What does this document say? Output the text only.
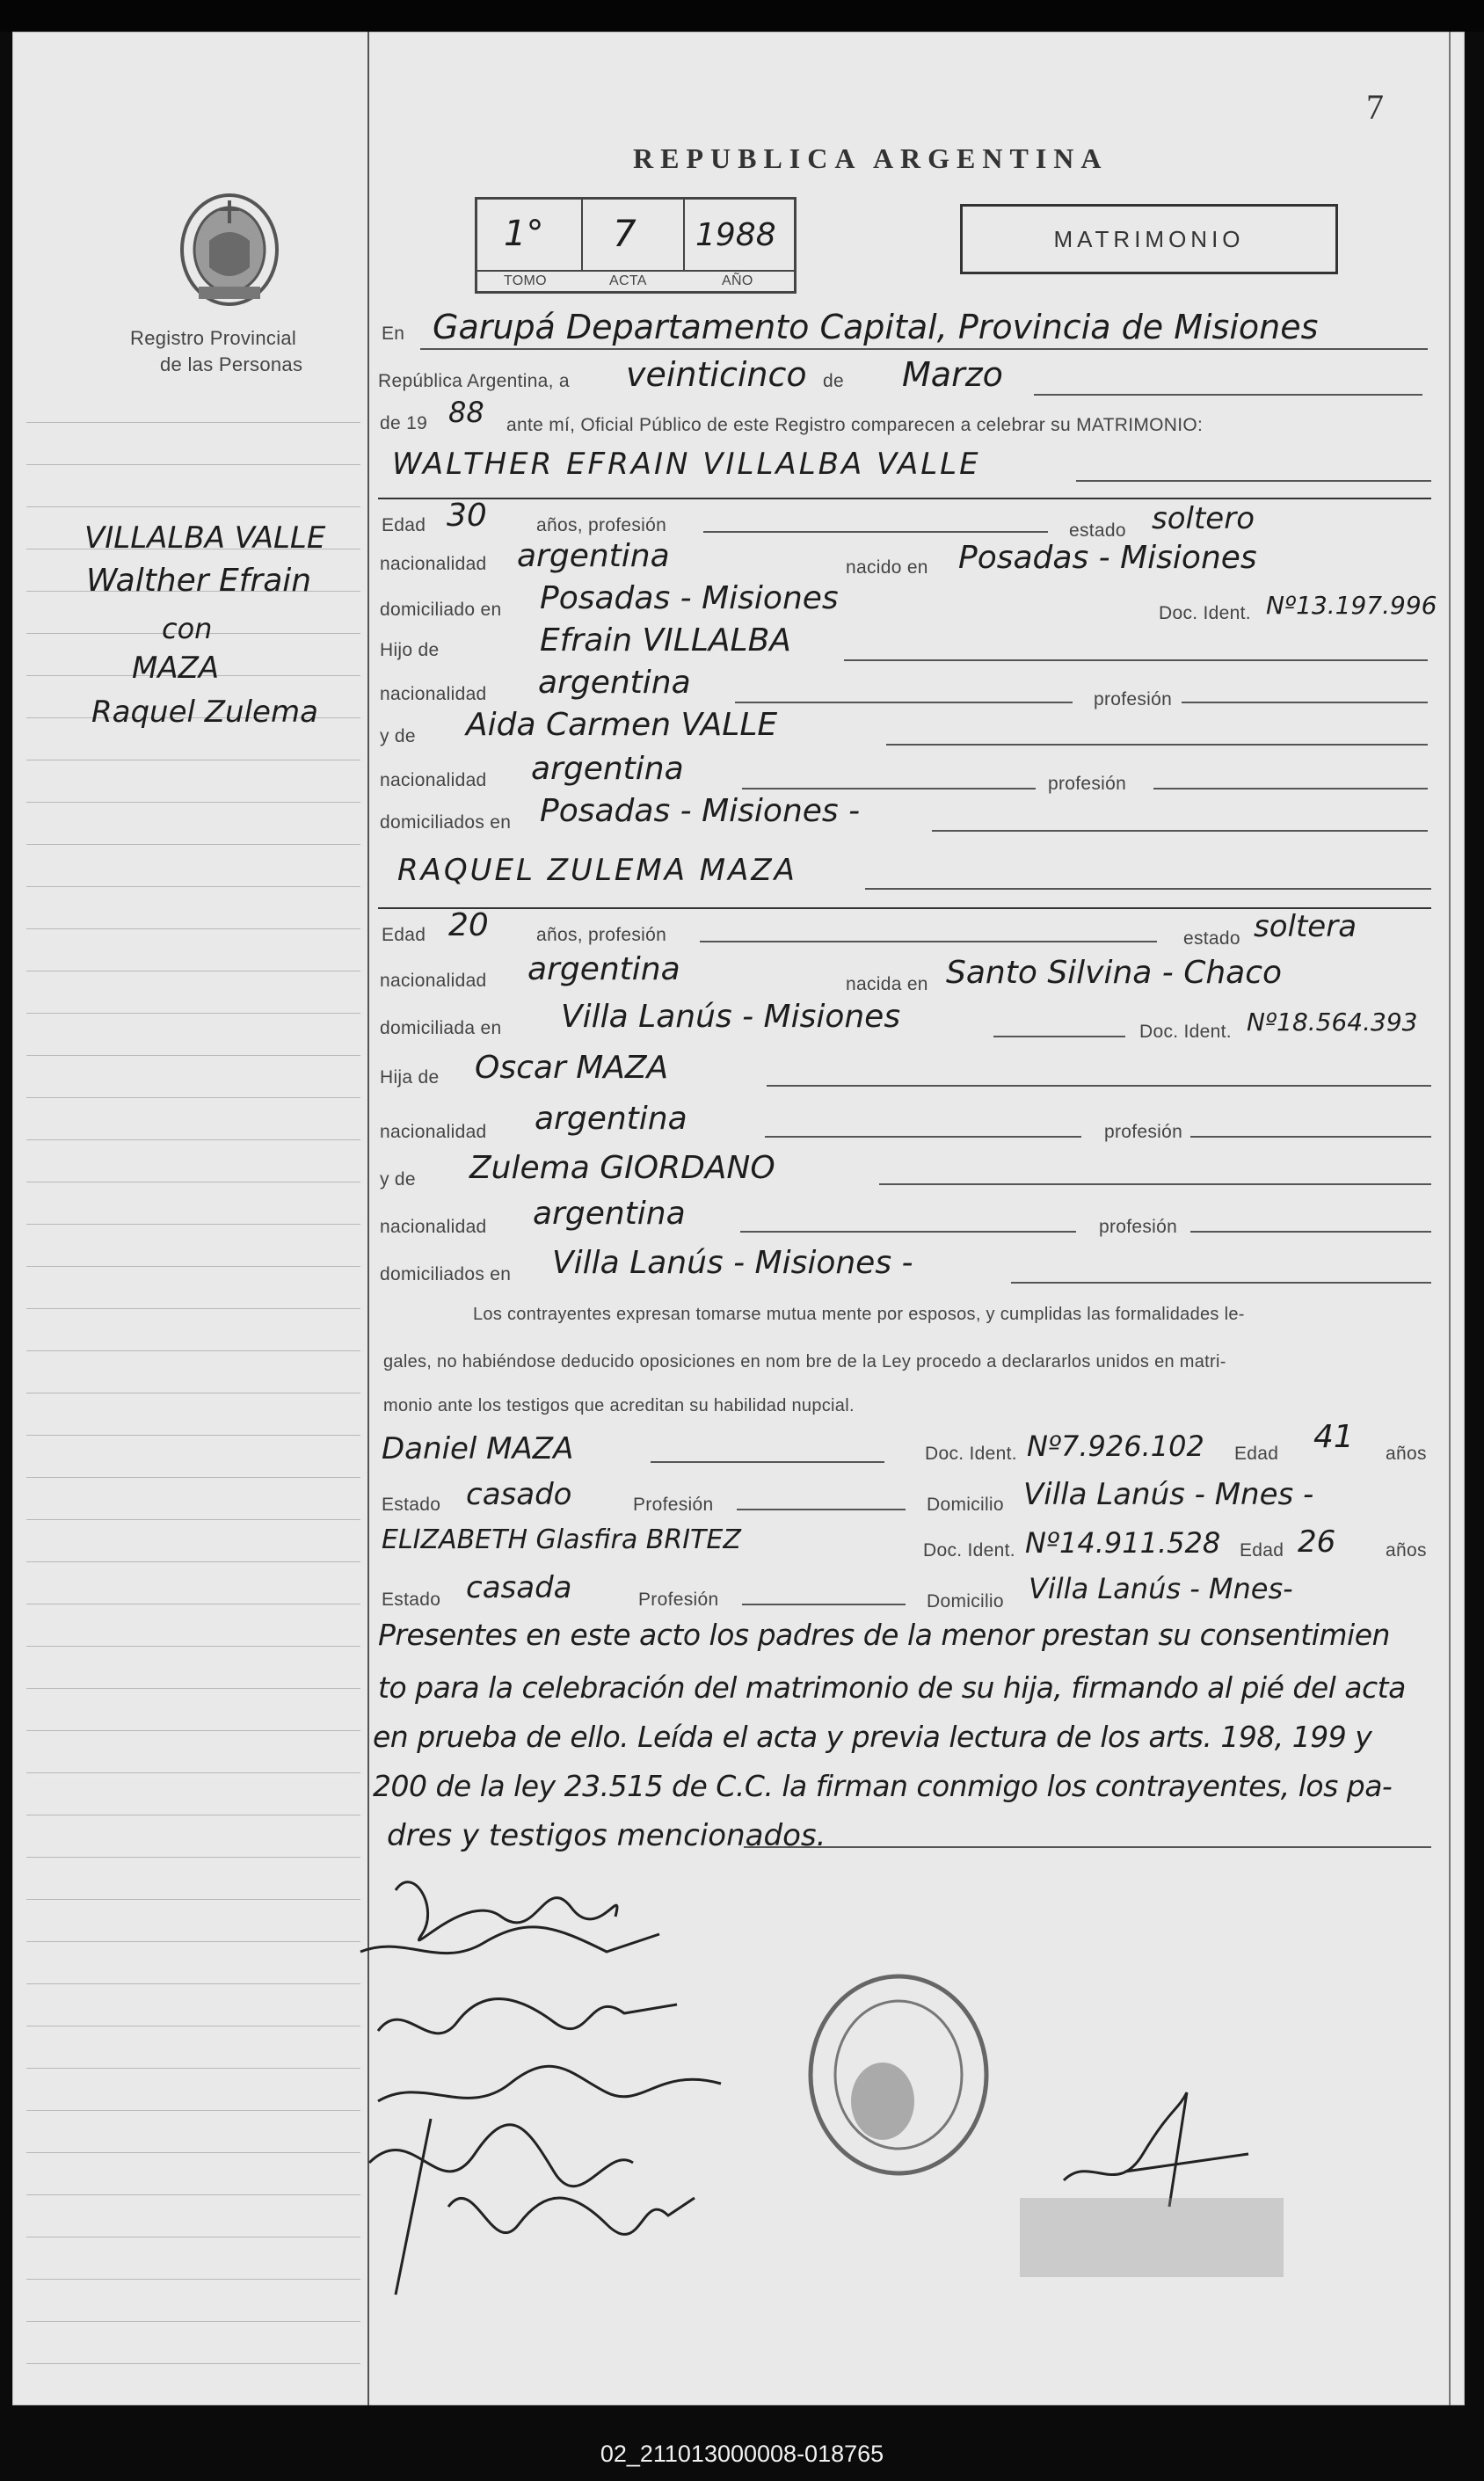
7
REPUBLICA ARGENTINA
1° 7 1988
TOMO	ACTA	AÑO
MATRIMONIO
Registro Provincial
de las Personas
VILLALBA VALLE
Walther Efrain
con
MAZA
Raquel Zulema
En Garupá Departamento Capital, Provincia de Misiones
República Argentina, a veinticinco de Marzo
de 19 88 ante mí, Oficial Público de este Registro comparecen a celebrar su MATRIMONIO:
WALTHER EFRAIN VILLALBA VALLE
Edad 30	años, profesión	estado soltero
nacionalidad argentina	nacido en Posadas - Misiones
domiciliado en Posadas - Misiones	Doc. Ident. Nº13.197.996
Hijo de	Efrain VILLALBA
nacionalidad argentina	profesión
y de Aida Carmen VALLE
nacionalidad argentina	profesión
domiciliados en Posadas - Misiones -
RAQUEL ZULEMA MAZA
Edad 20	años, profesión	estado soltera
nacionalidad argentina	nacida en Santo Silvina - Chaco
domiciliada en Villa Lanús - Misiones	Doc. Ident. Nº18.564.393
Hija de Oscar MAZA
nacionalidad argentina	profesión
y de Zulema GIORDANO
nacionalidad argentina	profesión
domiciliados en Villa Lanús - Misiones -
Los contrayentes expresan tomarse mutua mente por esposos, y cumplidas las formalidades le-
gales, no habiéndose deducido oposiciones en nom bre de la Ley procedo a declararlos unidos en matri-
monio ante los testigos que acreditan su habilidad nupcial.
Daniel MAZA	Doc. Ident. Nº7.926.102 Edad 41 años
Estado casado	Profesión	Domicilio Villa Lanús - Mnes -
ELIZABETH Glasfira BRITEZ	Doc. Ident. Nº14.911.528 Edad 26	años
Estado casada	Profesión	Domicilio Villa Lanús - Mnes-
Presentes en este acto los padres de la menor prestan su consentimien
to para la celebración del matrimonio de su hija, firmando al pié del acta
en prueba de ello. Leída el acta y previa lectura de los arts. 198, 199 y
200 de la ley 23.515 de C.C. la firman conmigo los contrayentes, los pa-
dres y testigos mencionados.
02_211013000008-018765
